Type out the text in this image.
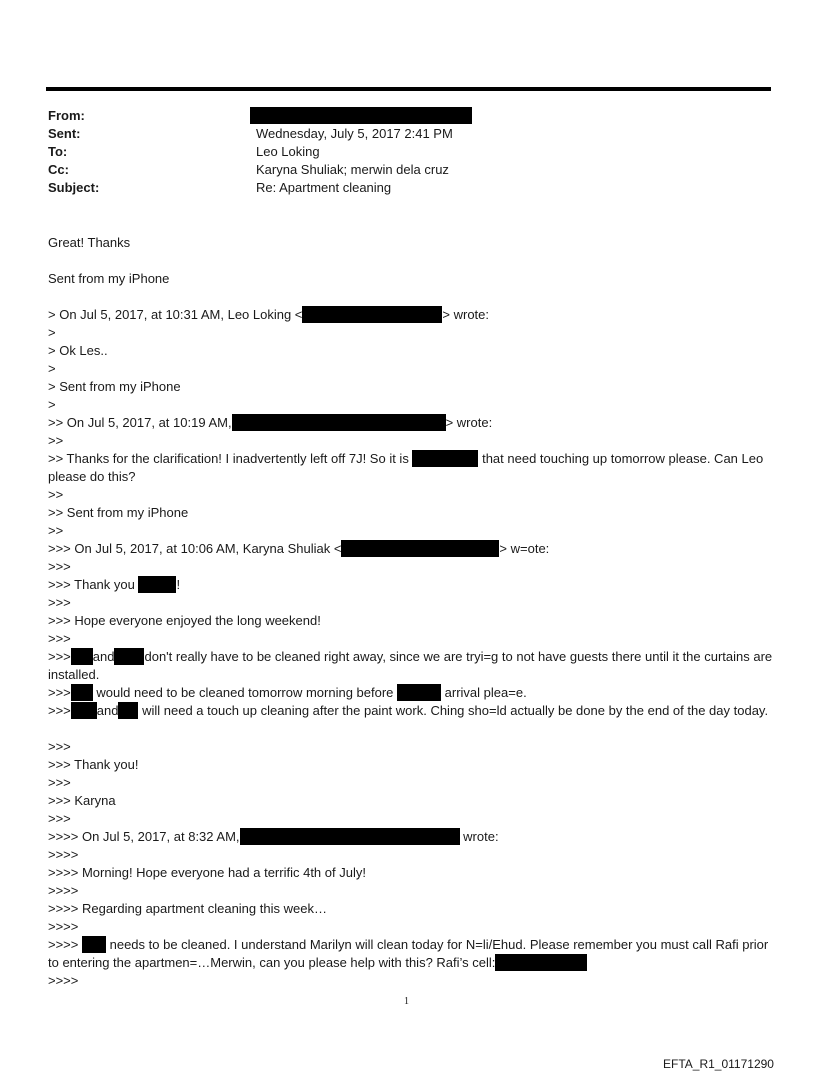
From:
Sent:	Wednesday, July 5, 2017 2:41 PM
To:	Leo Loking
Cc:	Karyna Shuliak; merwin dela cruz
Subject:	Re: Apartment cleaning
Great! Thanks
Sent from my iPhone
> On Jul 5, 2017, at 10:31 AM, Leo Loking <	> wrote:
>
> Ok Les..
>
> Sent from my iPhone
>
>> On Jul 5, 2017, at 10:19 AM,	> wrote:
>>
>> Thanks for the clarification! I inadvertently left off 7J! So it is	that need touching up tomorrow please. Can Leo please do this?
>>
>> Sent from my iPhone
>>
>>> On Jul 5, 2017, at 10:06 AM, Karyna Shuliak <	> w=ote:
>>>
>>> Thank you	!
>>>
>>> Hope everyone enjoyed the long weekend!
>>>
>>> and don't really have to be cleaned right away, since we are tryi=g to not have guests there until it the curtains are installed.
>>> would need to be cleaned tomorrow morning before	arrival plea=e.
>>> and will need a touch up cleaning after the paint work. Ching sho=ld actually be done by the end of the day today.
>>>
>>> Thank you!
>>>
>>> Karyna
>>>
>>>> On Jul 5, 2017, at 8:32 AM,	wrote:
>>>>
>>>> Morning! Hope everyone had a terrific 4th of July!
>>>>
>>>> Regarding apartment cleaning this week…
>>>>
>>>>  needs to be cleaned. I understand Marilyn will clean today for N=li/Ehud. Please remember you must call Rafi prior to entering the apartmen=…Merwin, can you please help with this? Rafi’s cell:
>>>>
1
EFTA_R1_01171290
